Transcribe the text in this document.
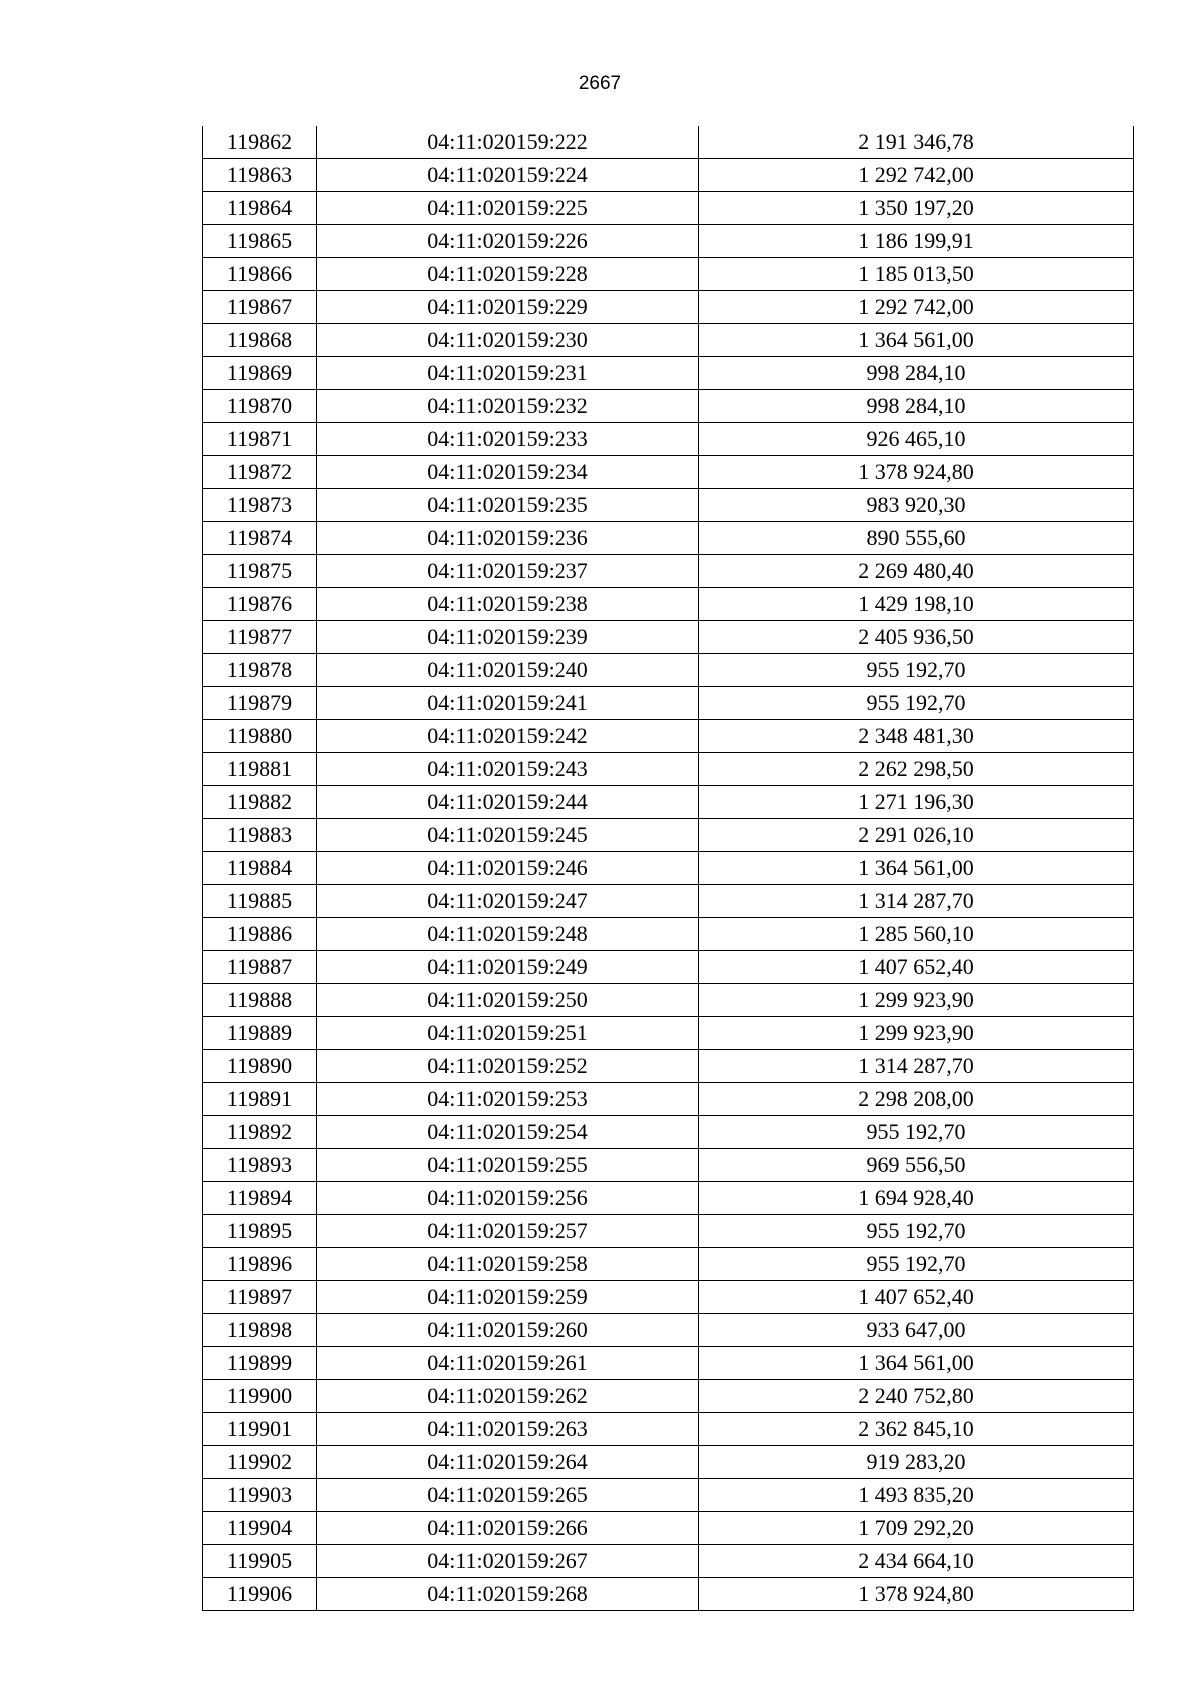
2667
119862	04:11:020159:222	2 191 346,78
119863	04:11:020159:224	1 292 742,00
119864	04:11:020159:225	1 350 197,20
119865	04:11:020159:226	1 186 199,91
119866	04:11:020159:228	1 185 013,50
119867	04:11:020159:229	1 292 742,00
119868	04:11:020159:230	1 364 561,00
119869	04:11:020159:231	998 284,10
119870	04:11:020159:232	998 284,10
119871	04:11:020159:233	926 465,10
119872	04:11:020159:234	1 378 924,80
119873	04:11:020159:235	983 920,30
119874	04:11:020159:236	890 555,60
119875	04:11:020159:237	2 269 480,40
119876	04:11:020159:238	1 429 198,10
119877	04:11:020159:239	2 405 936,50
119878	04:11:020159:240	955 192,70
119879	04:11:020159:241	955 192,70
119880	04:11:020159:242	2 348 481,30
119881	04:11:020159:243	2 262 298,50
119882	04:11:020159:244	1 271 196,30
119883	04:11:020159:245	2 291 026,10
119884	04:11:020159:246	1 364 561,00
119885	04:11:020159:247	1 314 287,70
119886	04:11:020159:248	1 285 560,10
119887	04:11:020159:249	1 407 652,40
119888	04:11:020159:250	1 299 923,90
119889	04:11:020159:251	1 299 923,90
119890	04:11:020159:252	1 314 287,70
119891	04:11:020159:253	2 298 208,00
119892	04:11:020159:254	955 192,70
119893	04:11:020159:255	969 556,50
119894	04:11:020159:256	1 694 928,40
119895	04:11:020159:257	955 192,70
119896	04:11:020159:258	955 192,70
119897	04:11:020159:259	1 407 652,40
119898	04:11:020159:260	933 647,00
119899	04:11:020159:261	1 364 561,00
119900	04:11:020159:262	2 240 752,80
119901	04:11:020159:263	2 362 845,10
119902	04:11:020159:264	919 283,20
119903	04:11:020159:265	1 493 835,20
119904	04:11:020159:266	1 709 292,20
119905	04:11:020159:267	2 434 664,10
119906	04:11:020159:268	1 378 924,80
